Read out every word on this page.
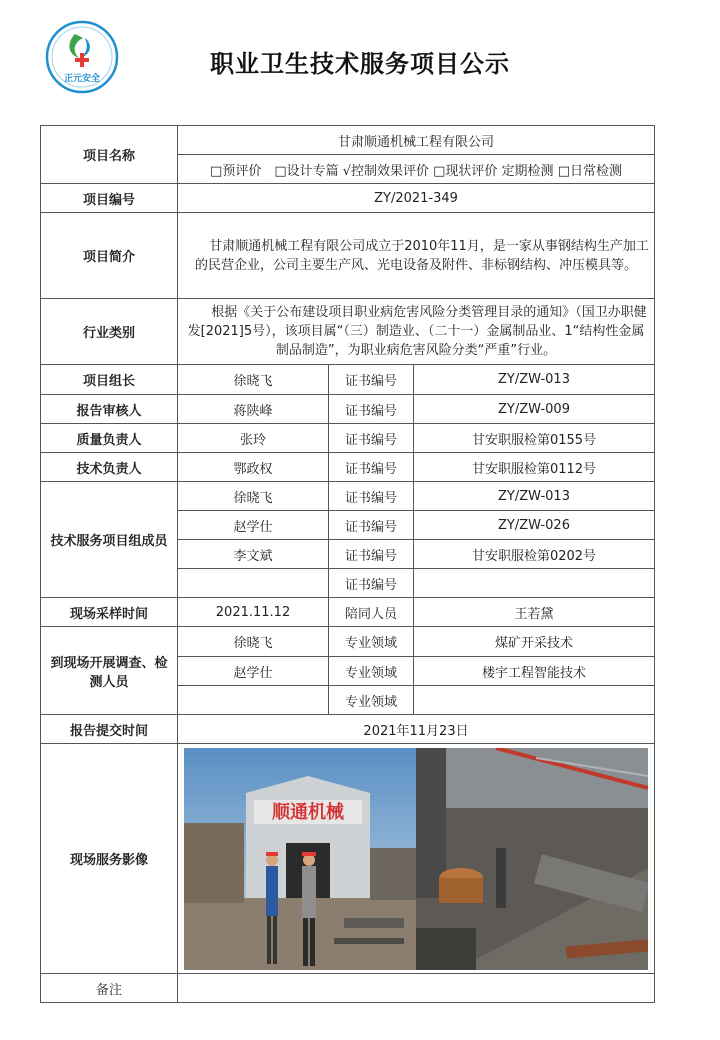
正元安全
职业卫生技术服务项目公示
项目名称	甘肃顺通机械工程有限公司		
	□预评价　□设计专篇 √控制效果评价 □现状评价 定期检测 □日常检测		
项目编号	ZY/2021-349		
项目简介	甘肃顺通机械工程有限公司成立于2010年11月，是一家从事钢结构生产加工的民营企业，公司主要生产风、光电设备及附件、非标钢结构、冲压模具等。		
行业类别	根据《关于公布建设项目职业病危害风险分类管理目录的通知》（国卫办职健发[2021]5号），该项目属“（三）制造业、（二十一）金属制品业、1“结构性金属制品制造”，为职业病危害风险分类“严重”行业。		
项目组长	徐晓飞	证书编号	ZY/ZW-013
报告审核人	蒋陕峰	证书编号	ZY/ZW-009
质量负责人	张玲	证书编号	甘安职服检第0155号
技术负责人	鄂政权	证书编号	甘安职服检第0112号
技术服务项目组成员	徐晓飞	证书编号	ZY/ZW-013
	赵学仕	证书编号	ZY/ZW-026
	李文斌	证书编号	甘安职服检第0202号
		证书编号	
现场采样时间	2021.11.12	陪同人员	王若黛
到现场开展调查、检测人员	徐晓飞	专业领域	煤矿开采技术
	赵学仕	专业领域	楼宇工程智能技术
		专业领域	
报告提交时间	2021年11月23日		
现场服务影像	顺通机械		

备注			
